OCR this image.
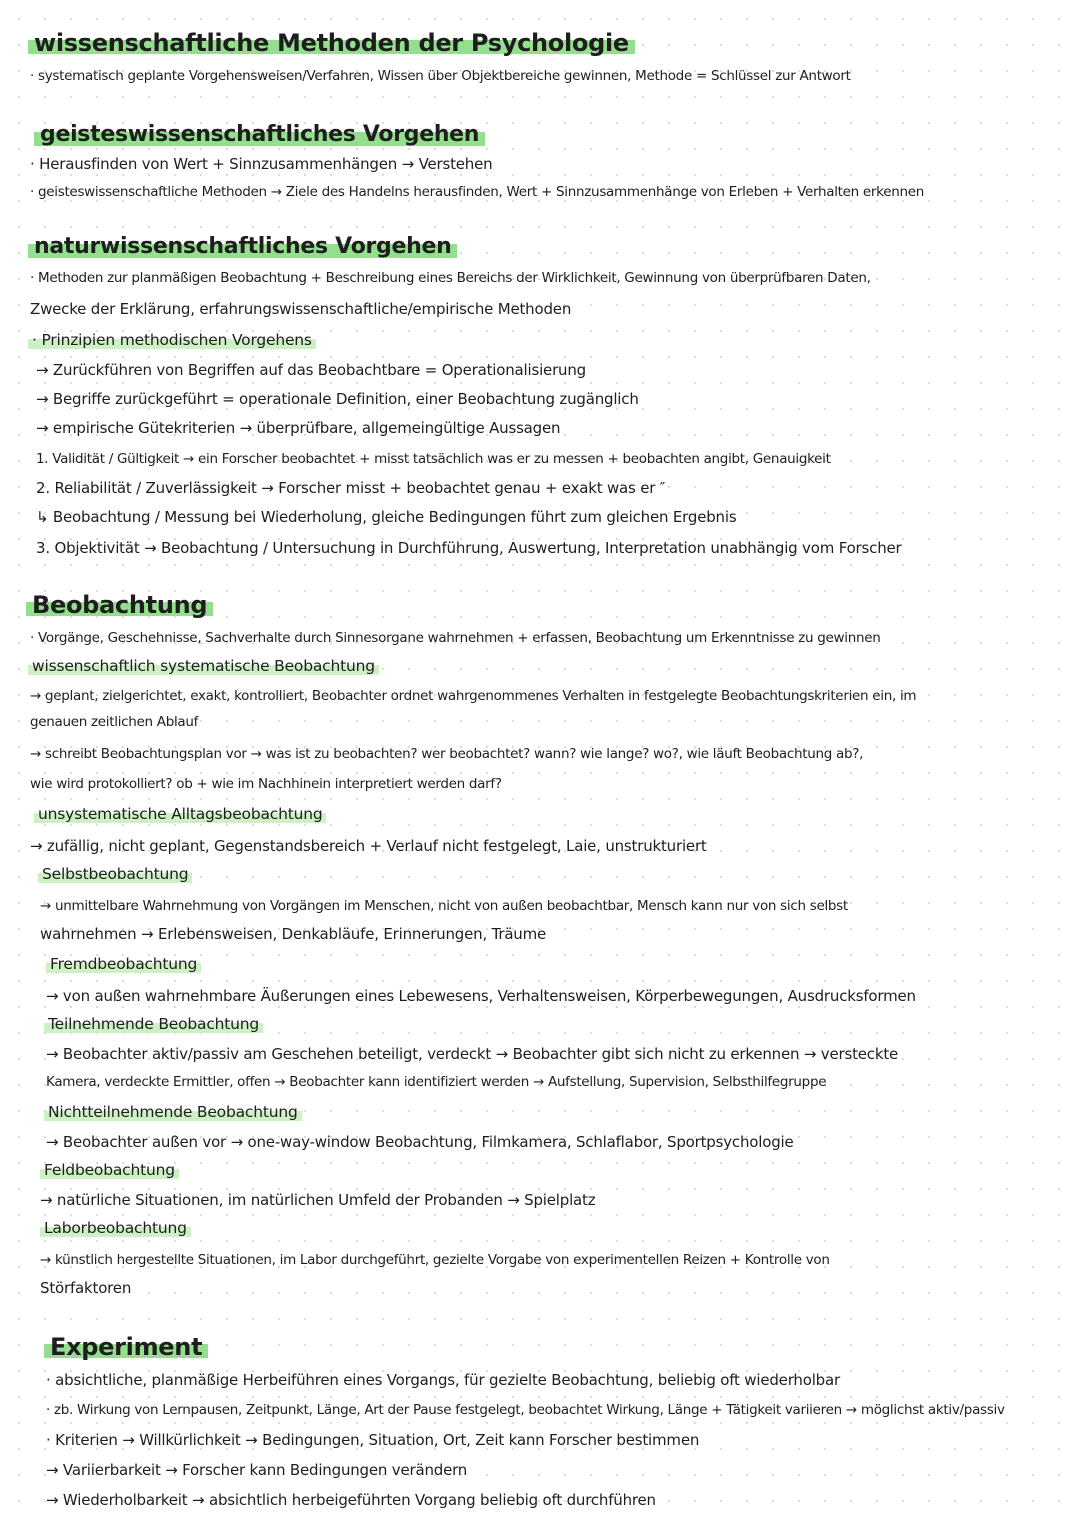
wissenschaftliche Methoden der Psychologie
· systematisch geplante Vorgehensweisen/Verfahren, Wissen über Objektbereiche gewinnen, Methode = Schlüssel zur Antwort
geisteswissenschaftliches Vorgehen
· Herausfinden von Wert + Sinnzusammenhängen → Verstehen
· geisteswissenschaftliche Methoden → Ziele des Handelns herausfinden, Wert + Sinnzusammenhänge von Erleben + Verhalten erkennen
naturwissenschaftliches Vorgehen
· Methoden zur planmäßigen Beobachtung + Beschreibung eines Bereichs der Wirklichkeit, Gewinnung von überprüfbaren Daten,
Zwecke der Erklärung, erfahrungswissenschaftliche/empirische Methoden
· Prinzipien methodischen Vorgehens
→ Zurückführen von Begriffen auf das Beobachtbare = Operationalisierung
→ Begriffe zurückgeführt = operationale Definition, einer Beobachtung zugänglich
→ empirische Gütekriterien → überprüfbare, allgemeingültige Aussagen
1. Validität / Gültigkeit → ein Forscher beobachtet + misst tatsächlich was er zu messen + beobachten angibt, Genauigkeit
2. Reliabilität / Zuverlässigkeit → Forscher misst + beobachtet genau + exakt was er ″
↳ Beobachtung / Messung bei Wiederholung, gleiche Bedingungen führt zum gleichen Ergebnis
3. Objektivität → Beobachtung / Untersuchung in Durchführung, Auswertung, Interpretation unabhängig vom Forscher
Beobachtung
· Vorgänge, Geschehnisse, Sachverhalte durch Sinnesorgane wahrnehmen + erfassen, Beobachtung um Erkenntnisse zu gewinnen
wissenschaftlich systematische Beobachtung
→ geplant, zielgerichtet, exakt, kontrolliert, Beobachter ordnet wahrgenommenes Verhalten in festgelegte Beobachtungskriterien ein, im
genauen zeitlichen Ablauf
→ schreibt Beobachtungsplan vor → was ist zu beobachten? wer beobachtet? wann? wie lange? wo?, wie läuft Beobachtung ab?,
wie wird protokolliert? ob + wie im Nachhinein interpretiert werden darf?
unsystematische Alltagsbeobachtung
→ zufällig, nicht geplant, Gegenstandsbereich + Verlauf nicht festgelegt, Laie, unstrukturiert
Selbstbeobachtung
→ unmittelbare Wahrnehmung von Vorgängen im Menschen, nicht von außen beobachtbar, Mensch kann nur von sich selbst
wahrnehmen → Erlebensweisen, Denkabläufe, Erinnerungen, Träume
Fremdbeobachtung
→ von außen wahrnehmbare Äußerungen eines Lebewesens, Verhaltensweisen, Körperbewegungen, Ausdrucksformen
Teilnehmende Beobachtung
→ Beobachter aktiv/passiv am Geschehen beteiligt, verdeckt → Beobachter gibt sich nicht zu erkennen → versteckte
Kamera, verdeckte Ermittler, offen → Beobachter kann identifiziert werden → Aufstellung, Supervision, Selbsthilfegruppe
Nichtteilnehmende Beobachtung
→ Beobachter außen vor → one-way-window Beobachtung, Filmkamera, Schlaflabor, Sportpsychologie
Feldbeobachtung
→ natürliche Situationen, im natürlichen Umfeld der Probanden → Spielplatz
Laborbeobachtung
→ künstlich hergestellte Situationen, im Labor durchgeführt, gezielte Vorgabe von experimentellen Reizen + Kontrolle von
Störfaktoren
Experiment
· absichtliche, planmäßige Herbeiführen eines Vorgangs, für gezielte Beobachtung, beliebig oft wiederholbar
· zb. Wirkung von Lernpausen, Zeitpunkt, Länge, Art der Pause festgelegt, beobachtet Wirkung, Länge + Tätigkeit variieren → möglichst aktiv/passiv
· Kriterien → Willkürlichkeit → Bedingungen, Situation, Ort, Zeit kann Forscher bestimmen
→ Variierbarkeit → Forscher kann Bedingungen verändern
→ Wiederholbarkeit → absichtlich herbeigeführten Vorgang beliebig oft durchführen
